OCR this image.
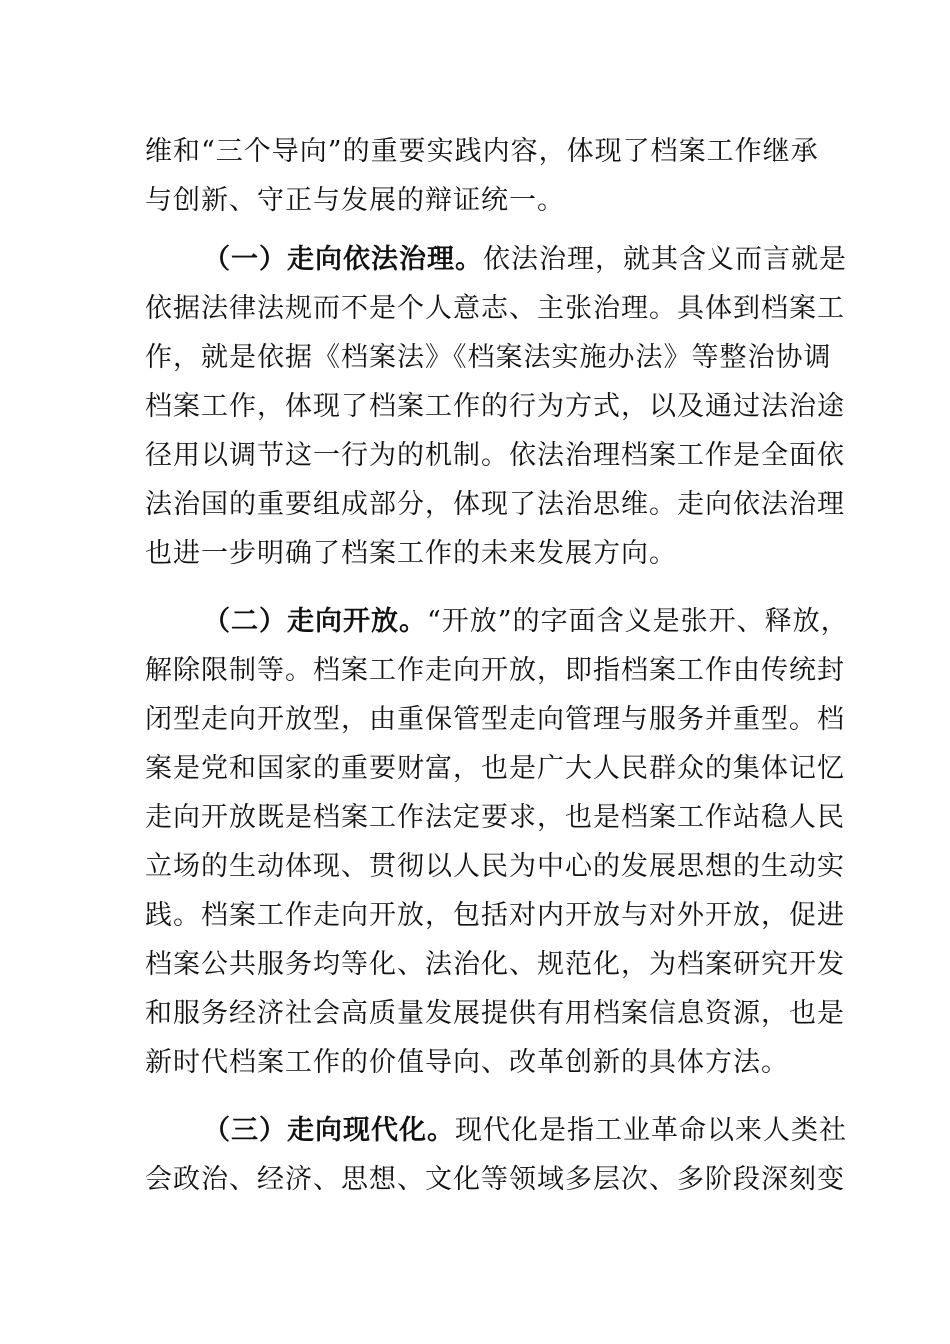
维和“三个导向”的重要实践内容，体现了档案工作继承
与创新、守正与发展的辩证统一。
（一）走向依法治理。依法治理，就其含义而言就是
依据法律法规而不是个人意志、主张治理。具体到档案工
作，就是依据《档案法》《档案法实施办法》等整治协调
档案工作，体现了档案工作的行为方式，以及通过法治途
径用以调节这一行为的机制。依法治理档案工作是全面依
法治国的重要组成部分，体现了法治思维。走向依法治理
也进一步明确了档案工作的未来发展方向。
（二）走向开放。“开放”的字面含义是张开、释放，
解除限制等。档案工作走向开放，即指档案工作由传统封
闭型走向开放型，由重保管型走向管理与服务并重型。档
案是党和国家的重要财富，也是广大人民群众的集体记忆
走向开放既是档案工作法定要求，也是档案工作站稳人民
立场的生动体现、贯彻以人民为中心的发展思想的生动实
践。档案工作走向开放，包括对内开放与对外开放，促进
档案公共服务均等化、法治化、规范化，为档案研究开发
和服务经济社会高质量发展提供有用档案信息资源，也是
新时代档案工作的价值导向、改革创新的具体方法。
（三）走向现代化。现代化是指工业革命以来人类社
会政治、经济、思想、文化等领域多层次、多阶段深刻变
